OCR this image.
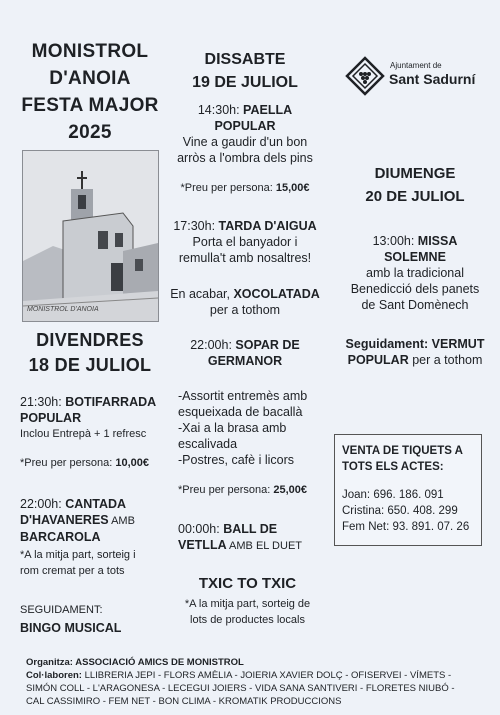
MONISTROL
D'ANOIA
FESTA MAJOR
2025
MONISTROL D'ANOIA
DIVENDRES
18 DE JULIOL
21:30h: BOTIFARRADA
POPULAR
Inclou Entrepà + 1 refresc
*Preu per persona: 10,00€
22:00h: CANTADA
D'HAVANERES AMB
BARCAROLA
*A la mitja part, sorteig i
rom cremat per a tots
SEGUIDAMENT:
BINGO MUSICAL
DISSABTE
19 DE JULIOL
14:30h: PAELLA
POPULAR
Vine a gaudir d'un bon
arròs a l'ombra dels pins
*Preu per persona: 15,00€
17:30h: TARDA D'AIGUA
Porta el banyador i
remulla't amb nosaltres!
En acabar, XOCOLATADA
per a tothom
22:00h: SOPAR DE
GERMANOR
-Assortit entremès amb
esqueixada de bacallà
-Xai a la brasa amb
escalivada
-Postres, cafè i licors
*Preu per persona: 25,00€
00:00h: BALL DE
VETLLA AMB EL DUET
TXIC TO TXIC
*A la mitja part, sorteig de
lots de productes locals
Ajuntament de
Sant Sadurní
DIUMENGE
20 DE JULIOL
13:00h: MISSA
SOLEMNE
amb la tradicional
Benedicció dels panets
de Sant Domènech
Seguidament: VERMUT
POPULAR per a tothom
VENTA DE TIQUETS A
TOTS ELS ACTES:
Joan: 696. 186. 091
Cristina: 650. 408. 299
Fem Net: 93. 891. 07. 26
Organitza: ASSOCIACIÓ AMICS DE MONISTROL
Col·laboren: LLIBRERIA JEPI - FLORS AMÈLIA - JOIERIA XAVIER DOLÇ - OFISERVEI - VÍMETS -
SIMÓN COLL - L'ARAGONESA - LECEGUI JOIERS - VIDA SANA SANTIVERI - FLORETES NIUBÓ -
CAL CASSIMIRO - FEM NET - BON CLIMA - KROMATIK PRODUCCIONS
